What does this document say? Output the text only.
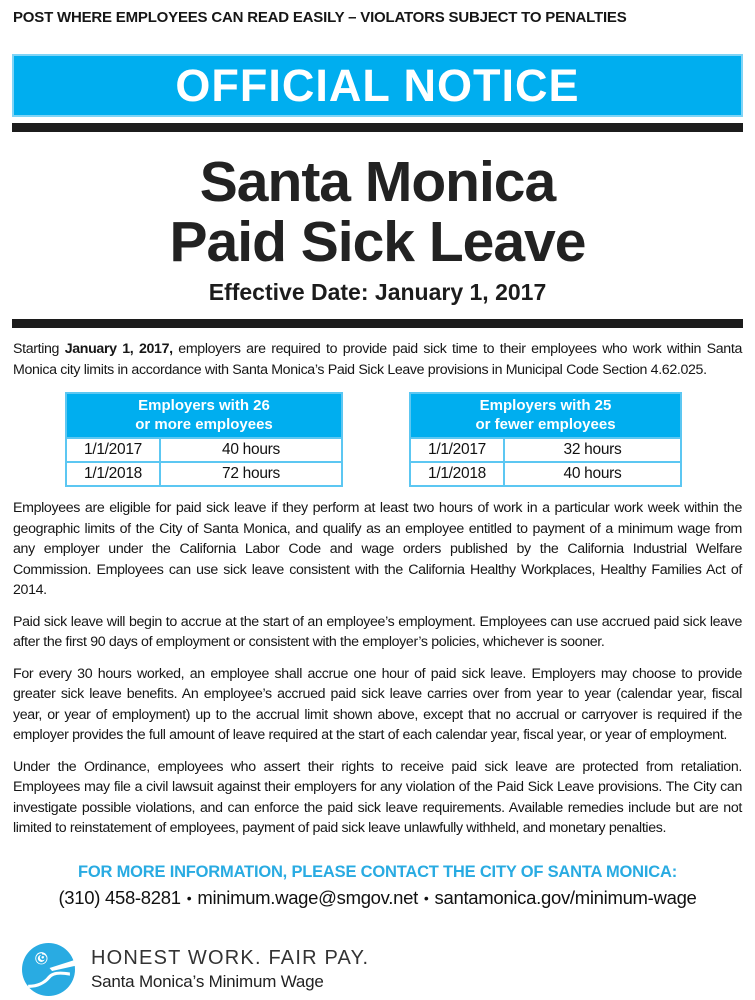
POST WHERE EMPLOYEES CAN READ EASILY – VIOLATORS SUBJECT TO PENALTIES
OFFICIAL NOTICE
Santa Monica
Paid Sick Leave
Effective Date: January 1, 2017

Starting January 1, 2017, employers are required to provide paid sick time to their employees who work within Santa Monica city limits in accordance with Santa Monica’s Paid Sick Leave provisions in Municipal Code Section 4.62.025.

Employers with 26
or more employees
1/1/2017	40 hours
1/1/2018	72 hours
Employers with 25
or fewer employees
1/1/2017	32 hours
1/1/2018	40 hours

Employees are eligible for paid sick leave if they perform at least two hours of work in a particular work week within the geographic limits of the City of Santa Monica, and qualify as an employee entitled to payment of a minimum wage from any employer under the California Labor Code and wage orders published by the California Industrial Welfare Commission. Employees can use sick leave consistent with the California Healthy Workplaces, Healthy Families Act of 2014.

Paid sick leave will begin to accrue at the start of an employee’s employment. Employees can use accrued paid sick leave after the first 90 days of employment or consistent with the employer’s policies, whichever is sooner.

For every 30 hours worked, an employee shall accrue one hour of paid sick leave. Employers may choose to provide greater sick leave benefits. An employee’s accrued paid sick leave carries over from year to year (calendar year, fiscal year, or year of employment) up to the accrual limit shown above, except that no accrual or carryover is required if the employer provides the full amount of leave required at the start of each calendar year, fiscal year, or year of employment.

Under the Ordinance, employees who assert their rights to receive paid sick leave are protected from retaliation. Employees may file a civil lawsuit against their employers for any violation of the Paid Sick Leave provisions. The City can investigate possible violations, and can enforce the paid sick leave requirements. Available remedies include but are not limited to reinstatement of employees, payment of paid sick leave unlawfully withheld, and monetary penalties.

FOR MORE INFORMATION, PLEASE CONTACT THE CITY OF SANTA MONICA:
(310) 458-8281 • minimum.wage@smgov.net • santamonica.gov/minimum-wage
HONEST WORK. FAIR PAY.
Santa Monica’s Minimum Wage
